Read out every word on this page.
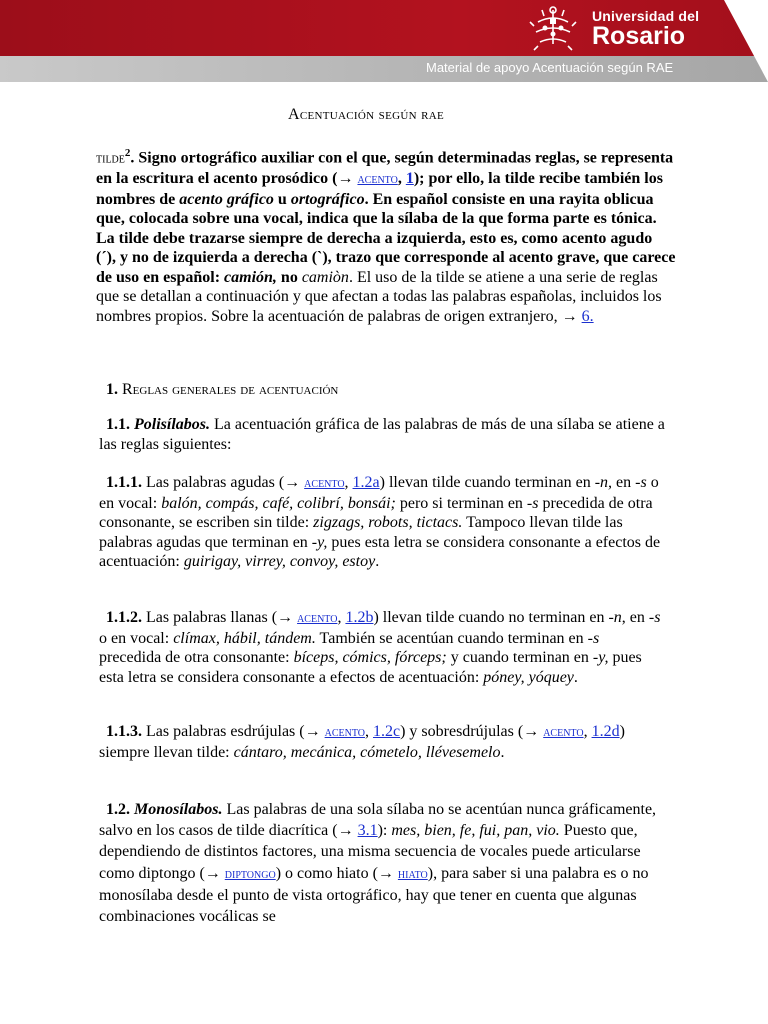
Universidad del
Rosario
Material de apoyo Acentuación según RAE
Acentuación según rae

tilde$^2$. Signo ortográfico auxiliar con el que, según determinadas reglas, se representa en la escritura el acento prosódico (→ acento, 1); por ello, la tilde recibe también los nombres de acento gráfico u ortográfico. En español consiste en una rayita oblicua que, colocada sobre una vocal, indica que la sílaba de la que forma parte es tónica. La tilde debe trazarse siempre de derecha a izquierda, esto es, como acento agudo (´), y no de izquierda a derecha (`), trazo que corresponde al acento grave, que carece de uso en español: camión, no camiòn. El uso de la tilde se atiene a una serie de reglas que se detallan a continuación y que afectan a todas las palabras españolas, incluidos los nombres propios. Sobre la acentuación de palabras de origen extranjero, → 6.

1. Reglas generales de acentuación

1.1. Polisílabos. La acentuación gráfica de las palabras de más de una sílaba se atiene a las reglas siguientes:

1.1.1. Las palabras agudas (→ acento, 1.2a) llevan tilde cuando terminan en -n, en -s o en vocal: balón, compás, café, colibrí, bonsái; pero si terminan en -s precedida de otra consonante, se escriben sin tilde: zigzags, robots, tictacs. Tampoco llevan tilde las palabras agudas que terminan en -y, pues esta letra se considera consonante a efectos de acentuación: guirigay, virrey, convoy, estoy.

1.1.2. Las palabras llanas (→ acento, 1.2b) llevan tilde cuando no terminan en -n, en -s o en vocal: clímax, hábil, tándem. También se acentúan cuando terminan en -s precedida de otra consonante: bíceps, cómics, fórceps; y cuando terminan en -y, pues esta letra se considera consonante a efectos de acentuación: póney, yóquey.

1.1.3. Las palabras esdrújulas (→ acento, 1.2c) y sobresdrújulas (→ acento, 1.2d) siempre llevan tilde: cántaro, mecánica, cómetelo, llévesemelo.

1.2. Monosílabos. Las palabras de una sola sílaba no se acentúan nunca gráficamente, salvo en los casos de tilde diacrítica (→ 3.1): mes, bien, fe, fui, pan, vio. Puesto que, dependiendo de distintos factores, una misma secuencia de vocales puede articularse como diptongo (→ diptongo) o como hiato (→ hiato), para saber si una palabra es o no monosílaba desde el punto de vista ortográfico, hay que tener en cuenta que algunas combinaciones vocálicas se
